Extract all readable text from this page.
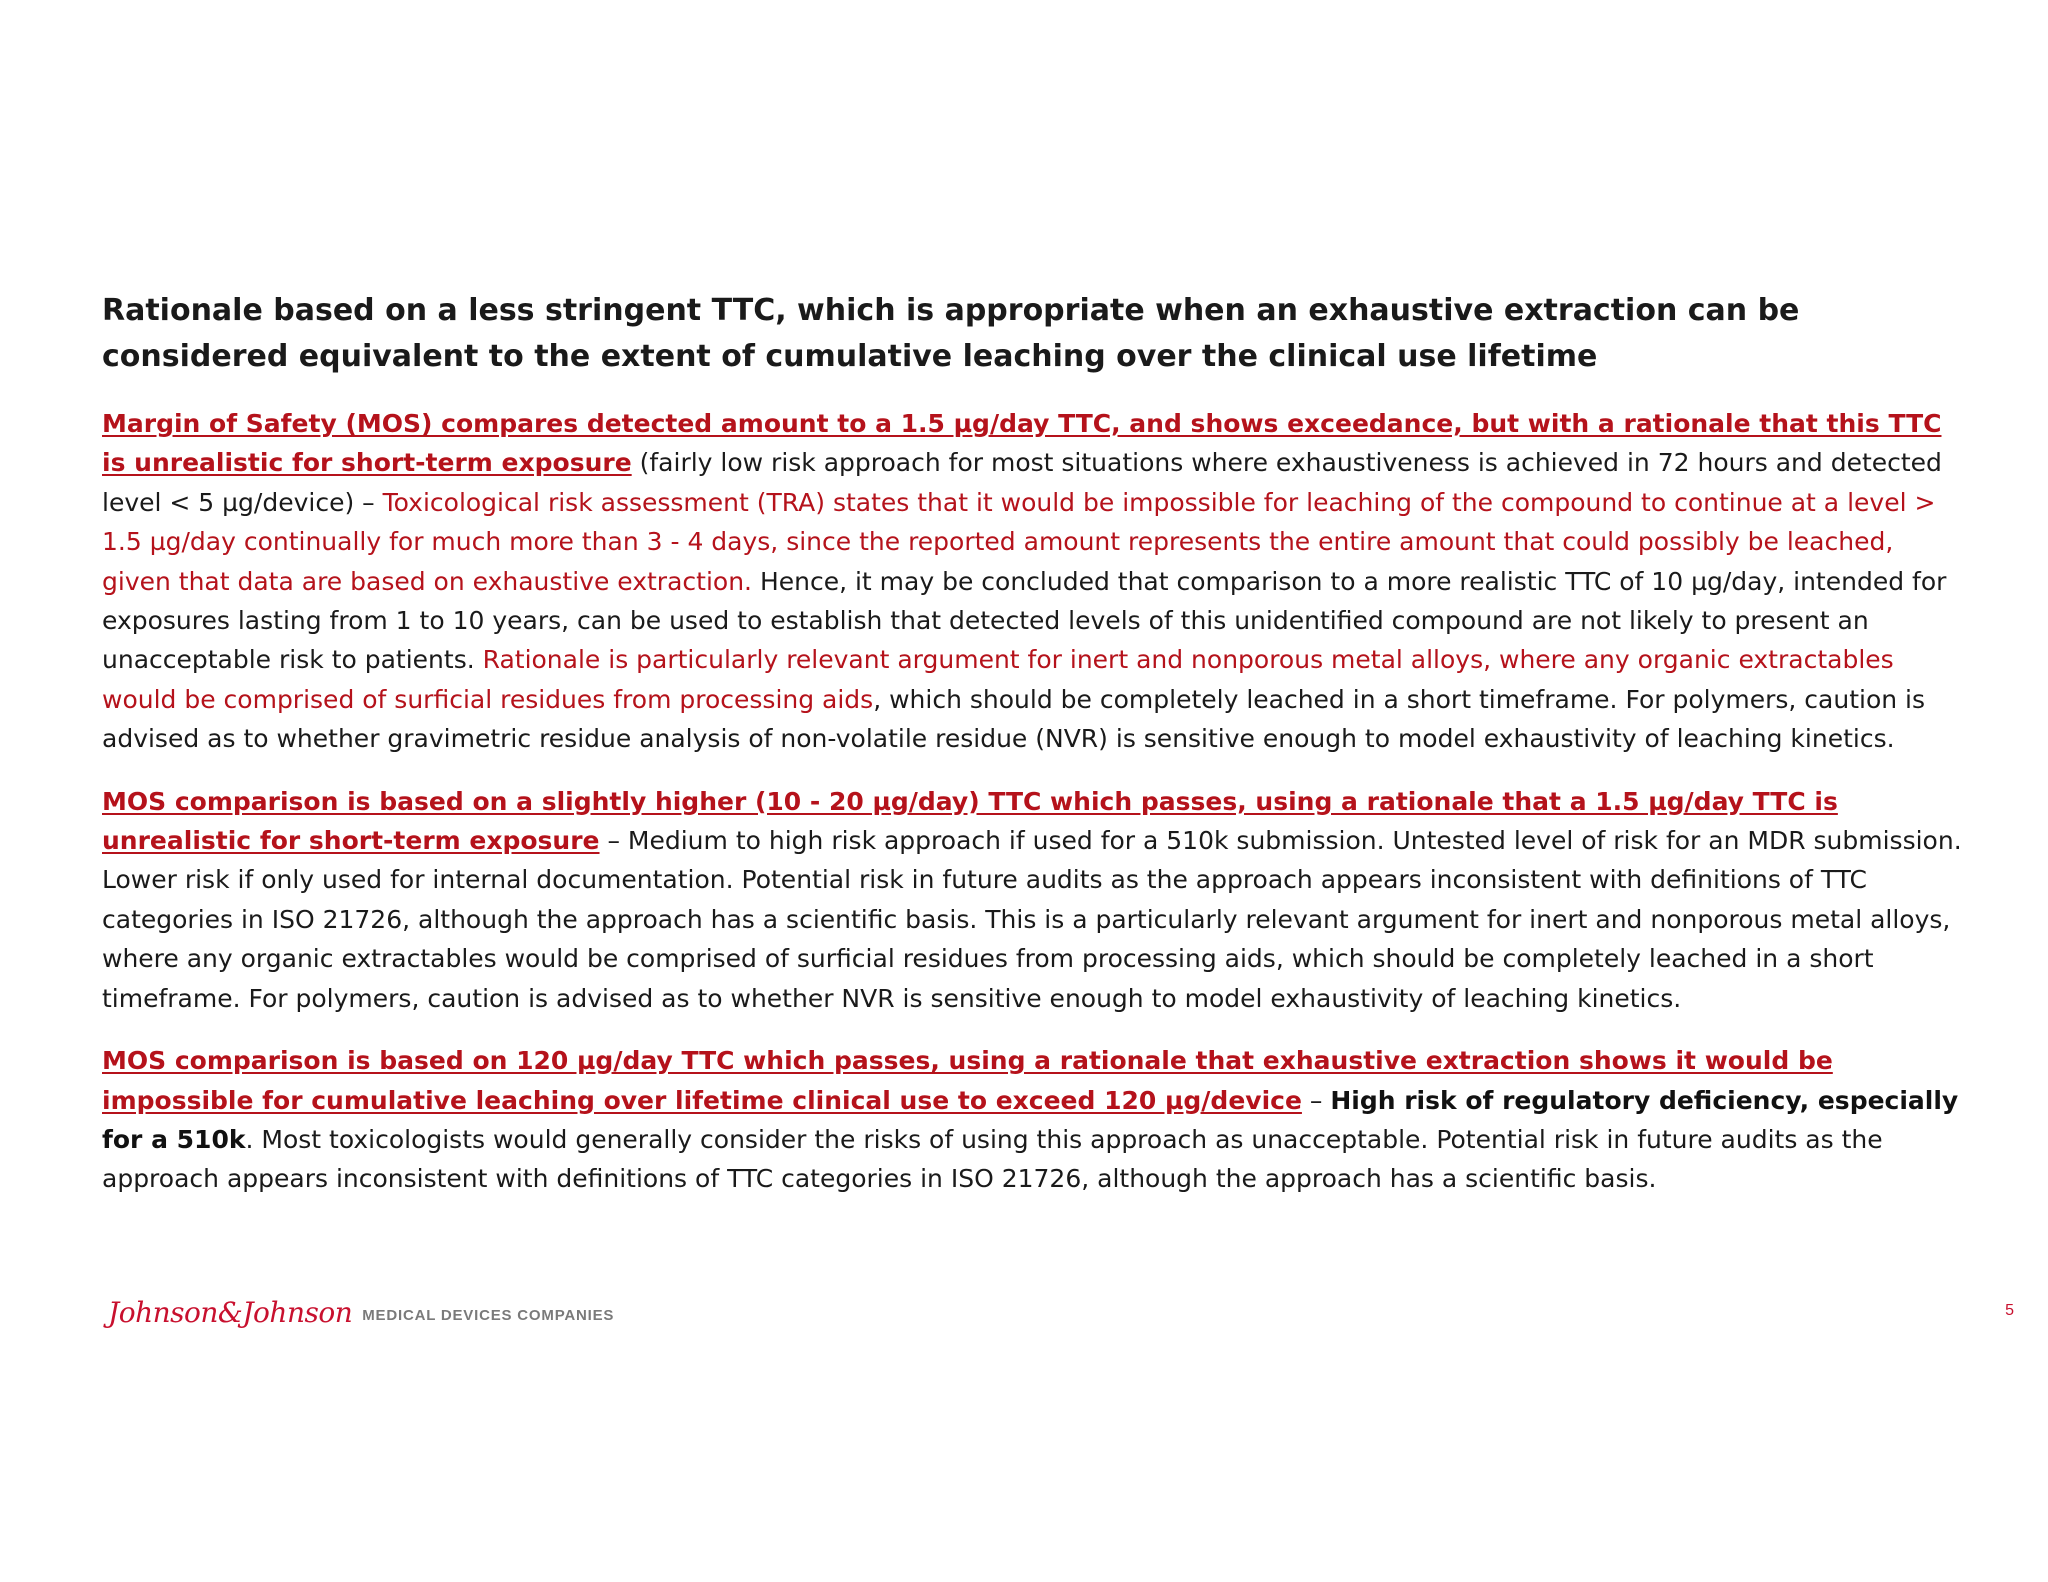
Rationale based on a less stringent TTC, which is appropriate when an exhaustive extraction can be considered equivalent to the extent of cumulative leaching over the clinical use lifetime

Margin of Safety (MOS) compares detected amount to a 1.5 µg/day TTC, and shows exceedance, but with a rationale that this TTC is unrealistic for short-term exposure (fairly low risk approach for most situations where exhaustiveness is achieved in 72 hours and detected level < 5 µg/device) – Toxicological risk assessment (TRA) states that it would be impossible for leaching of the compound to continue at a level > 1.5 µg/day continually for much more than 3 - 4 days, since the reported amount represents the entire amount that could possibly be leached, given that data are based on exhaustive extraction. Hence, it may be concluded that comparison to a more realistic TTC of 10 µg/day, intended for exposures lasting from 1 to 10 years, can be used to establish that detected levels of this unidentified compound are not likely to present an unacceptable risk to patients. Rationale is particularly relevant argument for inert and nonporous metal alloys, where any organic extractables would be comprised of surficial residues from processing aids, which should be completely leached in a short timeframe. For polymers, caution is advised as to whether gravimetric residue analysis of non-volatile residue (NVR) is sensitive enough to model exhaustivity of leaching kinetics.

MOS comparison is based on a slightly higher (10 - 20 µg/day) TTC which passes, using a rationale that a 1.5 µg/day TTC is unrealistic for short-term exposure – Medium to high risk approach if used for a 510k submission. Untested level of risk for an MDR submission. Lower risk if only used for internal documentation. Potential risk in future audits as the approach appears inconsistent with definitions of TTC categories in ISO 21726, although the approach has a scientific basis. This is a particularly relevant argument for inert and nonporous metal alloys, where any organic extractables would be comprised of surficial residues from processing aids, which should be completely leached in a short timeframe. For polymers, caution is advised as to whether NVR is sensitive enough to model exhaustivity of leaching kinetics.

MOS comparison is based on 120 µg/day TTC which passes, using a rationale that exhaustive extraction shows it would be impossible for cumulative leaching over lifetime clinical use to exceed 120 µg/device – High risk of regulatory deficiency, especially for a 510k. Most toxicologists would generally consider the risks of using this approach as unacceptable. Potential risk in future audits as the approach appears inconsistent with definitions of TTC categories in ISO 21726, although the approach has a scientific basis.

Johnson&Johnson MEDICAL DEVICES COMPANIES	5
